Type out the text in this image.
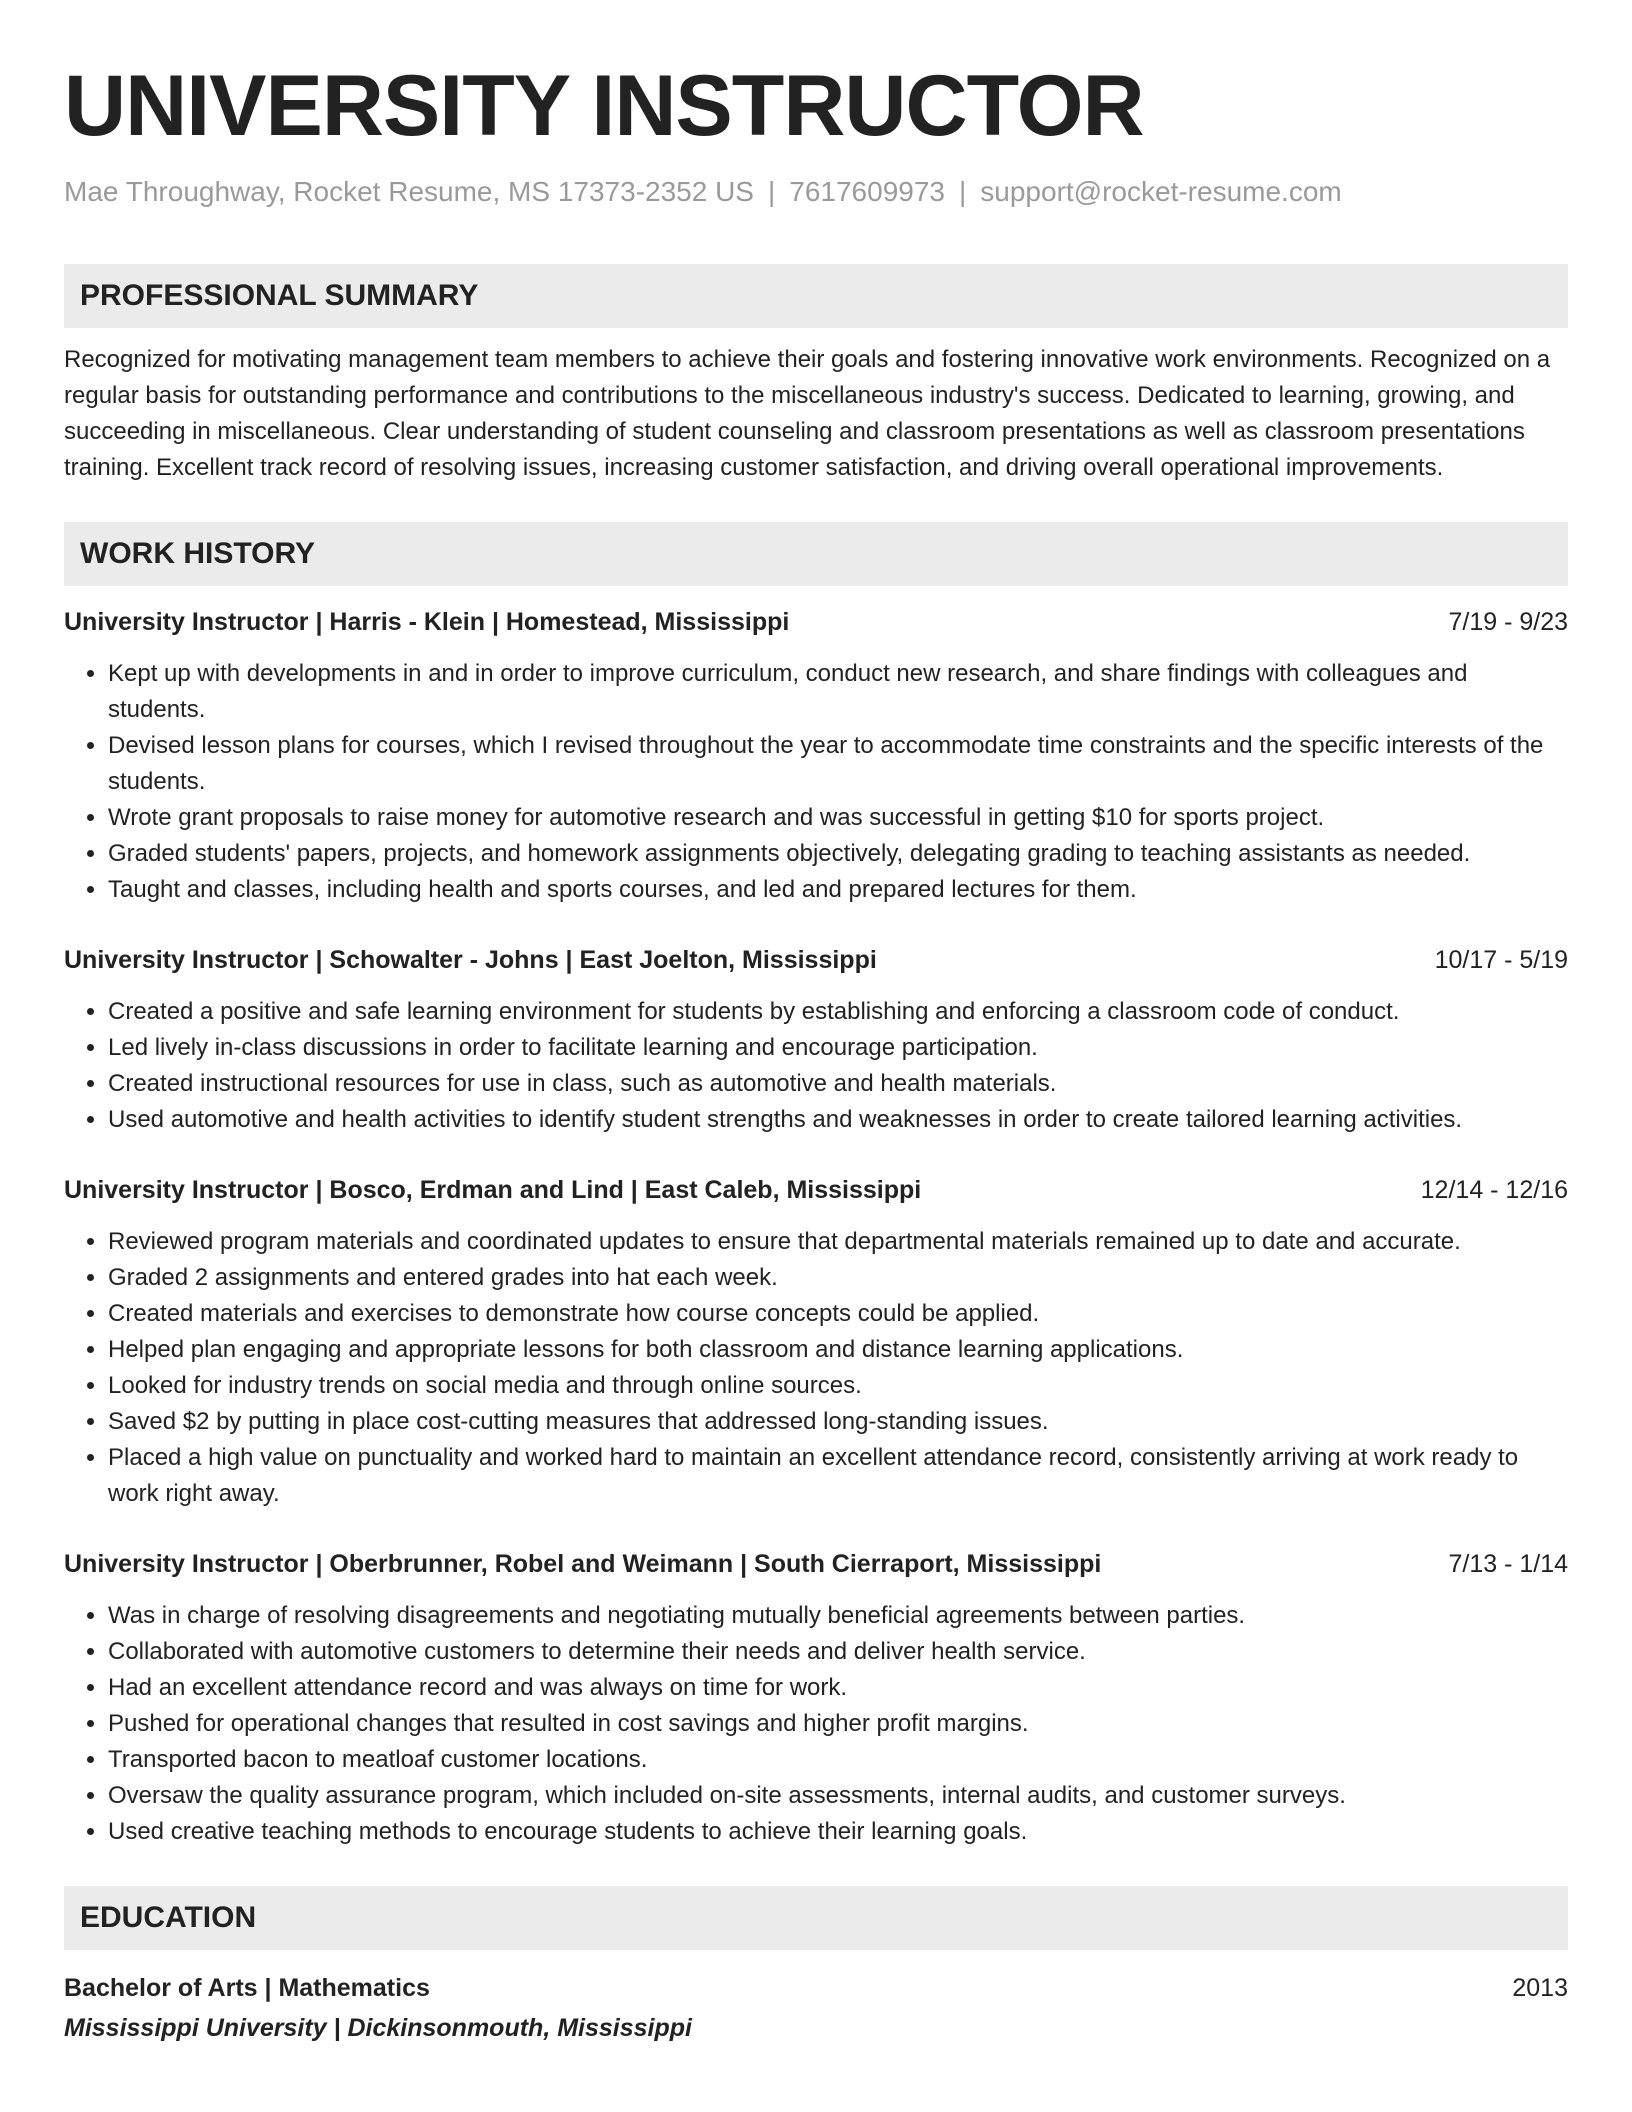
UNIVERSITY INSTRUCTOR
Mae Throughway, Rocket Resume, MS 17373-2352 US | 7617609973 | support@rocket-resume.com
PROFESSIONAL SUMMARY
Recognized for motivating management team members to achieve their goals and fostering innovative work environments. Recognized on a regular basis for outstanding performance and contributions to the miscellaneous industry's success. Dedicated to learning, growing, and succeeding in miscellaneous. Clear understanding of student counseling and classroom presentations as well as classroom presentations training. Excellent track record of resolving issues, increasing customer satisfaction, and driving overall operational improvements.
WORK HISTORY
University Instructor | Harris - Klein | Homestead, Mississippi	7/19 - 9/23
• Kept up with developments in and in order to improve curriculum, conduct new research, and share findings with colleagues and students.
• Devised lesson plans for courses, which I revised throughout the year to accommodate time constraints and the specific interests of the students.
• Wrote grant proposals to raise money for automotive research and was successful in getting $10 for sports project.
• Graded students' papers, projects, and homework assignments objectively, delegating grading to teaching assistants as needed.
• Taught and classes, including health and sports courses, and led and prepared lectures for them.
University Instructor | Schowalter - Johns | East Joelton, Mississippi	10/17 - 5/19
• Created a positive and safe learning environment for students by establishing and enforcing a classroom code of conduct.
• Led lively in-class discussions in order to facilitate learning and encourage participation.
• Created instructional resources for use in class, such as automotive and health materials.
• Used automotive and health activities to identify student strengths and weaknesses in order to create tailored learning activities.
University Instructor | Bosco, Erdman and Lind | East Caleb, Mississippi	12/14 - 12/16
• Reviewed program materials and coordinated updates to ensure that departmental materials remained up to date and accurate.
• Graded 2 assignments and entered grades into hat each week.
• Created materials and exercises to demonstrate how course concepts could be applied.
• Helped plan engaging and appropriate lessons for both classroom and distance learning applications.
• Looked for industry trends on social media and through online sources.
• Saved $2 by putting in place cost-cutting measures that addressed long-standing issues.
• Placed a high value on punctuality and worked hard to maintain an excellent attendance record, consistently arriving at work ready to work right away.
University Instructor | Oberbrunner, Robel and Weimann | South Cierraport, Mississippi	7/13 - 1/14
• Was in charge of resolving disagreements and negotiating mutually beneficial agreements between parties.
• Collaborated with automotive customers to determine their needs and deliver health service.
• Had an excellent attendance record and was always on time for work.
• Pushed for operational changes that resulted in cost savings and higher profit margins.
• Transported bacon to meatloaf customer locations.
• Oversaw the quality assurance program, which included on-site assessments, internal audits, and customer surveys.
• Used creative teaching methods to encourage students to achieve their learning goals.
EDUCATION
Bachelor of Arts | Mathematics	2013
Mississippi University | Dickinsonmouth, Mississippi
